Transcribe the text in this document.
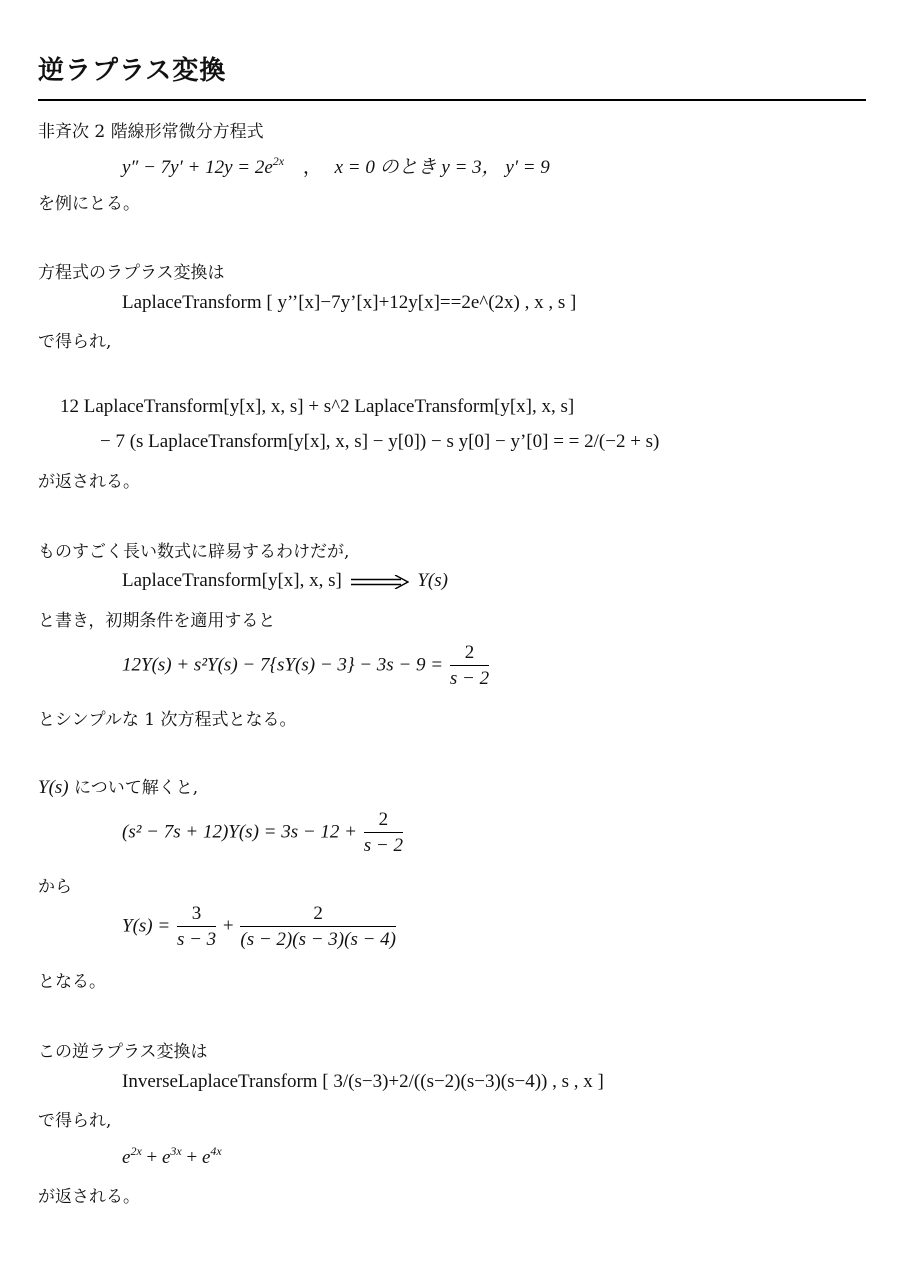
逆ラプラス変換
非斉次 2 階線形常微分方程式
$y'' - 7y' + 12y = 2e^{2x}$ ， x = 0 のとき y = 3， y′ = 9
を例にとる。
方程式のラプラス変換は
LaplaceTransform [ y’’[x]−7y’[x]+12y[x]==2e^(2x) , x , s ]
で得られ,
12 LaplaceTransform[y[x], x, s] + s^2 LaplaceTransform[y[x], x, s]
− 7 (s LaplaceTransform[y[x], x, s] − y[0]) − s y[0] − y’[0] = = 2/(−2 + s)
が返される。
ものすごく長い数式に辟易するわけだが,
LaplaceTransform[y[x], x, s]	Y(s)
と書き，初期条件を適用すると
$12Y(s) + s^2Y(s) - 7\{sY(s) - 3\} - 3s - 9 = \frac{2}{s - 2}$
とシンプルな 1 次方程式となる。
Y(s) について解くと,
$(s^2 - 7s + 12)Y(s) = 3s - 12 + \frac{2}{s - 2}$
から
$Y(s) = \frac{3}{s - 3} + \frac{2}{(s - 2)(s - 3)(s - 4)}$
となる。
この逆ラプラス変換は
InverseLaplaceTransform [ 3/(s−3)+2/((s−2)(s−3)(s−4)) , s , x ]
で得られ,
$e^{2x} + e^{3x} + e^{4x}$
が返される。
